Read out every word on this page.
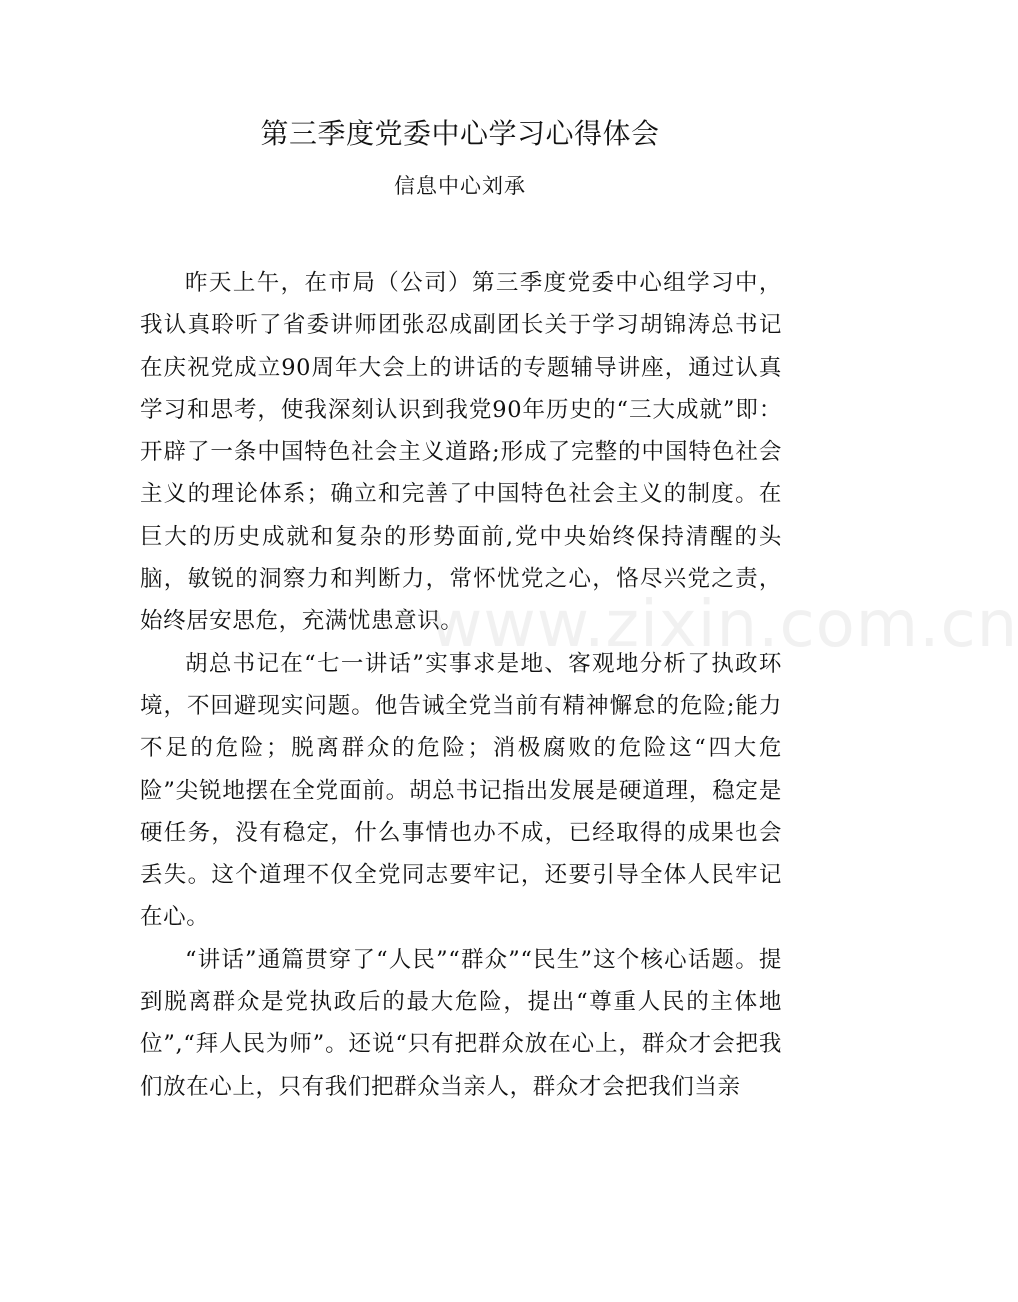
第三季度党委中心学习心得体会

信息中心刘承

昨天上午，在市局（公司）第三季度党委中心组学习中，我认真聆听了省委讲师团张忍成副团长关于学习胡锦涛总书记在庆祝党成立90周年大会上的讲话的专题辅导讲座，通过认真学习和思考，使我深刻认识到我党90年历史的“三大成就”即：开辟了一条中国特色社会主义道路;形成了完整的中国特色社会主义的理论体系；确立和完善了中国特色社会主义的制度。在巨大的历史成就和复杂的形势面前,党中央始终保持清醒的头脑，敏锐的洞察力和判断力，常怀忧党之心，恪尽兴党之责，始终居安思危，充满忧患意识。

胡总书记在“七一讲话”实事求是地、客观地分析了执政环境，不回避现实问题。他告诫全党当前有精神懈怠的危险;能力不足的危险；脱离群众的危险；消极腐败的危险这“四大危险”尖锐地摆在全党面前。胡总书记指出发展是硬道理，稳定是硬任务，没有稳定，什么事情也办不成，已经取得的成果也会丢失。这个道理不仅全党同志要牢记，还要引导全体人民牢记在心。

“讲话”通篇贯穿了“人民”“群众”“民生”这个核心话题。提到脱离群众是党执政后的最大危险，提出“尊重人民的主体地位”,“拜人民为师”。还说“只有把群众放在心上，群众才会把我们放在心上，只有我们把群众当亲人，群众才会把我们当亲

www.zixin.com.cn
